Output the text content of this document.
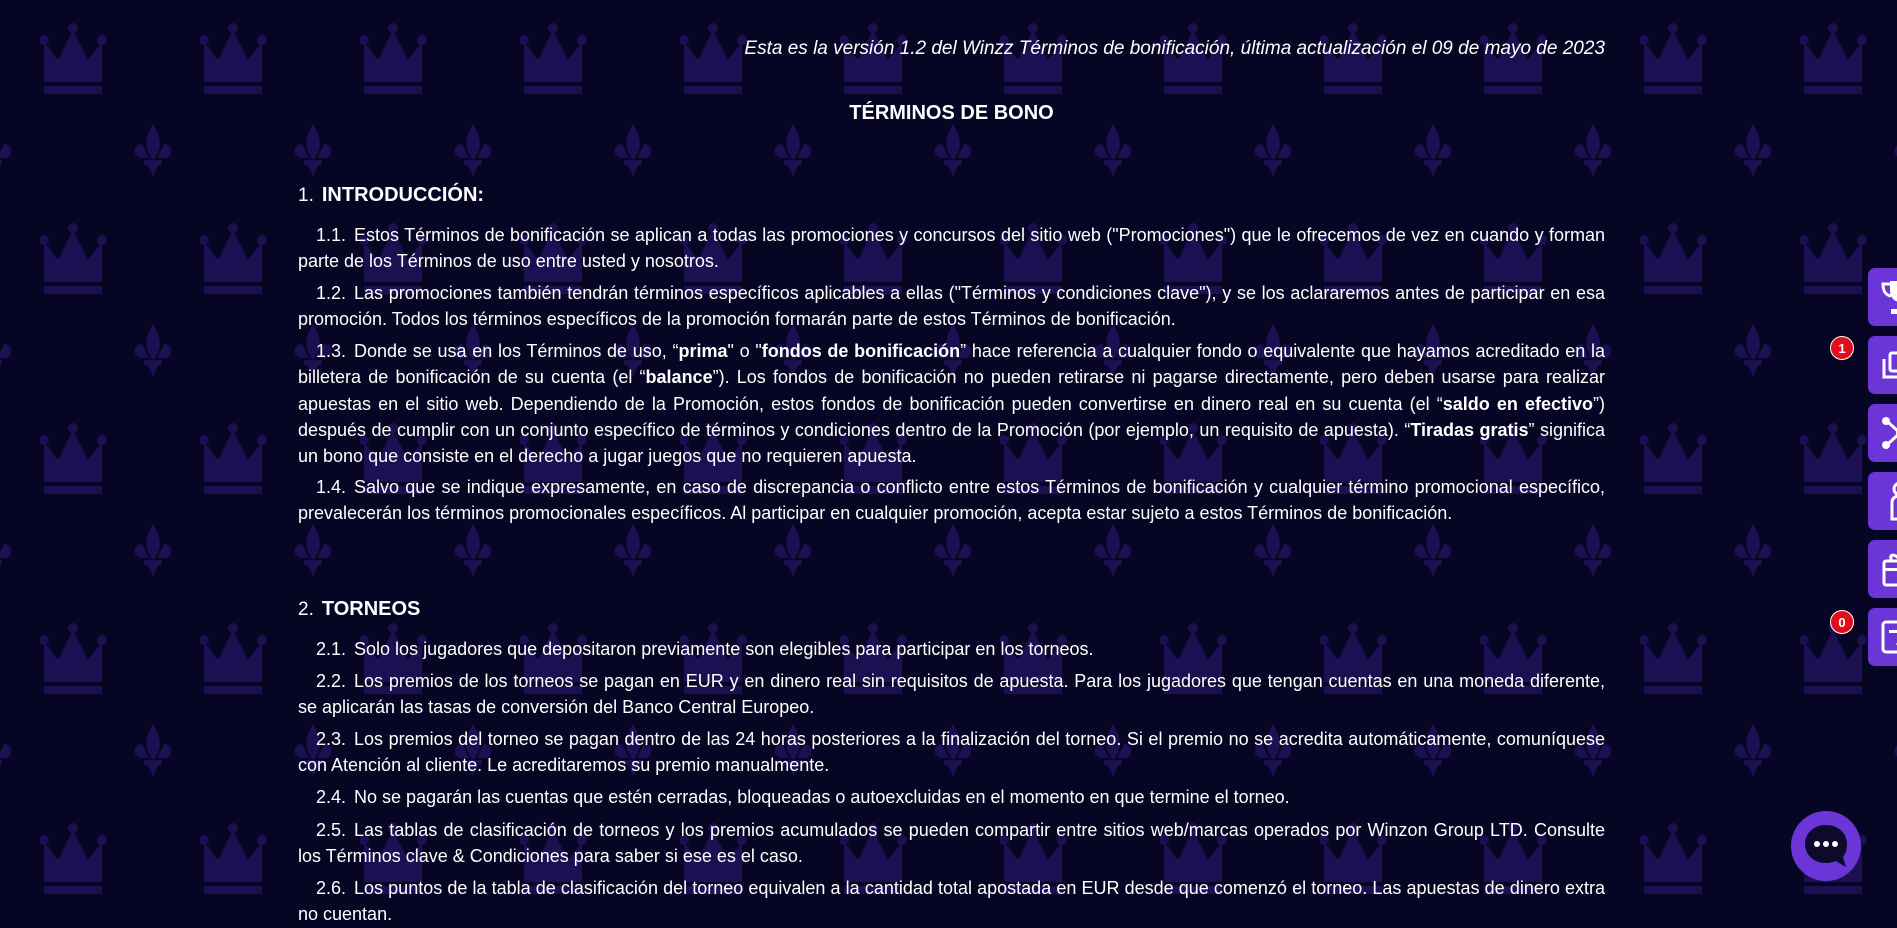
Esta es la versión 1.2 del Winzz Términos de bonificación, última actualización el 09 de mayo de 2023
TÉRMINOS DE BONO
1. INTRODUCCIÓN:

1.1. Estos Términos de bonificación se aplican a todas las promociones y concursos del sitio web ("Promociones") que le ofrecemos de vez en cuando y forman parte de los Términos de uso entre usted y nosotros.

1.2. Las promociones también tendrán términos específicos aplicables a ellas ("Términos y condiciones clave"), y se los aclararemos antes de participar en esa promoción. Todos los términos específicos de la promoción formarán parte de estos Términos de bonificación.

1.3. Donde se usa en los Términos de uso, “prima" o "fondos de bonificación” hace referencia a cualquier fondo o equivalente que hayamos acreditado en la billetera de bonificación de su cuenta (el “balance”). Los fondos de bonificación no pueden retirarse ni pagarse directamente, pero deben usarse para realizar apuestas en el sitio web. Dependiendo de la Promoción, estos fondos de bonificación pueden convertirse en dinero real en su cuenta (el “saldo en efectivo”) después de cumplir con un conjunto específico de términos y condiciones dentro de la Promoción (por ejemplo, un requisito de apuesta). “Tiradas gratis” significa un bono que consiste en el derecho a jugar juegos que no requieren apuesta.

1.4. Salvo que se indique expresamente, en caso de discrepancia o conflicto entre estos Términos de bonificación y cualquier término promocional específico, prevalecerán los términos promocionales específicos. Al participar en cualquier promoción, acepta estar sujeto a estos Términos de bonificación.

2. TORNEOS

2.1. Solo los jugadores que depositaron previamente son elegibles para participar en los torneos.

2.2. Los premios de los torneos se pagan en EUR y en dinero real sin requisitos de apuesta. Para los jugadores que tengan cuentas en una moneda diferente, se aplicarán las tasas de conversión del Banco Central Europeo.

2.3. Los premios del torneo se pagan dentro de las 24 horas posteriores a la finalización del torneo. Si el premio no se acredita automáticamente, comuníquese con Atención al cliente. Le acreditaremos su premio manualmente.

2.4. No se pagarán las cuentas que estén cerradas, bloqueadas o autoexcluidas en el momento en que termine el torneo.

2.5. Las tablas de clasificación de torneos y los premios acumulados se pueden compartir entre sitios web/marcas operados por Winzon Group LTD. Consulte los Términos clave & Condiciones para saber si ese es el caso.

2.6. Los puntos de la tabla de clasificación del torneo equivalen a la cantidad total apostada en EUR desde que comenzó el torneo. Las apuestas de dinero extra no cuentan.

1
0
